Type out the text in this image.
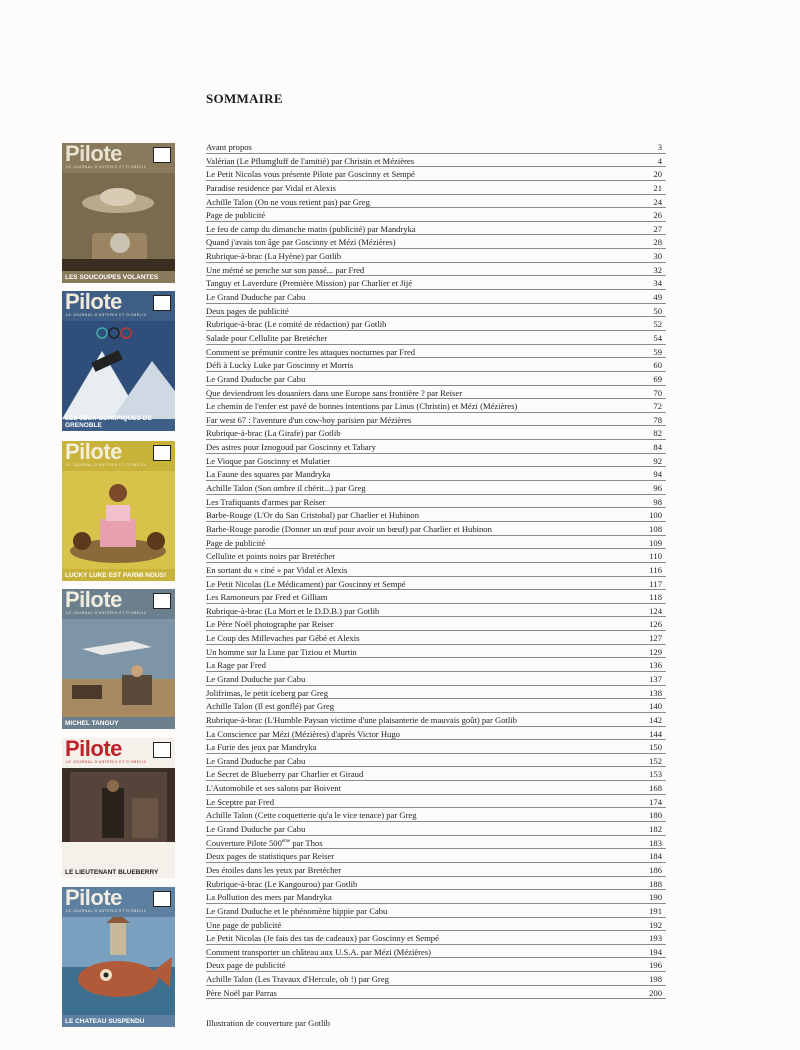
SOMMAIRE
Pilote
LE JOURNAL D'ASTERIX ET D'OBELIX
LES SOUCOUPES VOLANTES
Pilote
LE JOURNAL D'ASTERIX ET D'OBELIX
LES JEUX OLYMPIQUES DE GRENOBLE
Pilote
LE JOURNAL D'ASTERIX ET D'OBELIX
LUCKY LUKE EST PARMI NOUS!
Pilote
LE JOURNAL D'ASTERIX ET D'OBELIX
MICHEL TANGUY
Pilote
LE JOURNAL D'ASTERIX ET D'OBELIX
LE LIEUTENANT BLUEBERRY
Pilote
LE JOURNAL D'ASTERIX ET D'OBELIX
LE CHATEAU SUSPENDU
Avant propos	3
Valérian (Le Pflumgluff de l'amitié) par Christin et Mézières	4
Le Petit Nicolas vous présente Pilote par Goscinny et Sempé	20
Paradise residence par Vidal et Alexis	21
Achille Talon (On ne vous retient pas) par Greg	24
Page de publicité	26
Le feu de camp du dimanche matin (publicité) par Mandryka	27
Quand j'avais ton âge par Goscinny et Mézi (Mézières)	28
Rubrique-à-brac (La Hyène) par Gotlib	30
Une mémé se penche sur son passé... par Fred	32
Tanguy et Laverdure (Première Mission) par Charlier et Jijé	34
Le Grand Duduche par Cabu	49
Deux pages de publicité	50
Rubrique-à-brac (Le comité de rédaction) par Gotlib	52
Salade pour Cellulite par Bretécher	54
Comment se prémunir contre les attaques nocturnes par Fred	59
Défi à Lucky Luke par Goscinny et Morris	60
Le Grand Duduche par Cabu	69
Que deviendront les douaniers dans une Europe sans frontière ? par Reiser	70
Le chemin de l'enfer est pavé de bonnes intentions par Linus (Christin) et Mézi (Mézières)	72
Far west 67 : l'aventure d'un cow-boy parisien par Mézières	78
Rubrique-à-brac (La Girafe) par Gotlib	82
Des astres pour Iznogoud par Goscinny et Tabary	84
Le Vioque par Goscinny et Mulatier	92
La Faune des squares par Mandryka	94
Achille Talon (Son ombre il chérit...) par Greg	96
Les Trafiquants d'armes par Reiser	98
Barbe-Rouge (L'Or du San Cristobal) par Charlier et Hubinon	100
Barbe-Rouge parodie (Donner un œuf pour avoir un bœuf) par Charlier et Hubinon	108
Page de publicité	109
Cellulite et points noirs par Bretécher	110
En sortant du « ciné » par Vidal et Alexis	116
Le Petit Nicolas (Le Médicament) par Goscinny et Sempé	117
Les Ramoneurs par Fred et Gilliam	118
Rubrique-à-brac (La Mort et le D.D.B.) par Gotlib	124
Le Père Noël photographe par Reiser	126
Le Coup des Millevaches par Gébé et Alexis	127
Un homme sur la Lune par Tiziou et Murtin	129
La Rage par Fred	136
Le Grand Duduche par Cabu	137
Jolifrimas, le petit iceberg par Greg	138
Achille Talon (Il est gonflé) par Greg	140
Rubrique-à-brac (L'Humble Paysan victime d'une plaisanterie de mauvais goût) par Gotlib	142
La Conscience par Mézi (Mézières) d'après Victor Hugo	144
La Furie des jeux par Mandryka	150
Le Grand Duduche par Cabu	152
Le Secret de Blueberry par Charlier et Giraud	153
L'Automobile et ses salons par Boivent	168
Le Sceptre par Fred	174
Achille Talon (Cette coquetterie qu'a le vice tenace) par Greg	180
Le Grand Duduche par Cabu	182
Couverture Pilote 500ème par Thos	183
Deux pages de statistiques par Reiser	184
Des étoiles dans les yeux par Bretécher	186
Rubrique-à-brac (Le Kangourou) par Gotlib	188
La Pollution des mers par Mandryka	190
Le Grand Duduche et le phénomène hippie par Cabu	191
Une page de publicité	192
Le Petit Nicolas (Je fais des tas de cadeaux) par Goscinny et Sempé	193
Comment transporter un château aux U.S.A. par Mézi (Mézières)	194
Deux page de publicité	196
Achille Talon (Les Travaux d'Hercule, oh !) par Greg	198
Père Noël par Parras	200
Illustration de couverture par Gotlib
